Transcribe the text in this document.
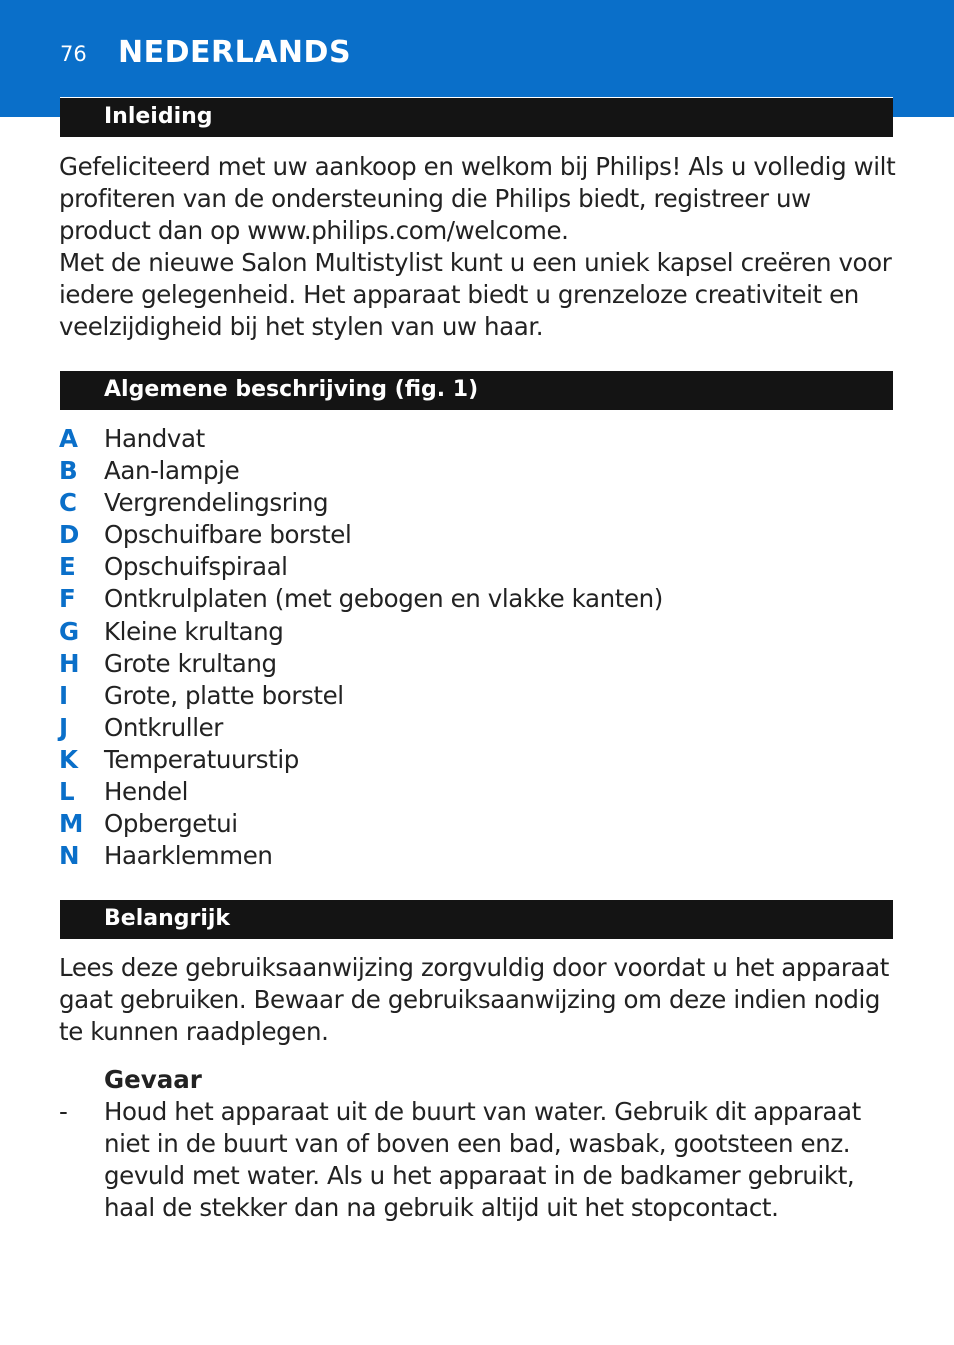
76 NEDERLANDS
Inleiding

Gefeliciteerd met uw aankoop en welkom bij Philips! Als u volledig wilt profiteren van de ondersteuning die Philips biedt, registreer uw product dan op www.philips.com/welcome.

Met de nieuwe Salon Multistylist kunt u een uniek kapsel creëren voor iedere gelegenheid. Het apparaat biedt u grenzeloze creativiteit en veelzijdigheid bij het stylen van uw haar.

Algemene beschrijving (fig. 1)
A Handvat
B Aan-lampje
C Vergrendelingsring
D Opschuifbare borstel
E Opschuifspiraal
F Ontkrulplaten (met gebogen en vlakke kanten)
G Kleine krultang
H Grote krultang
I Grote, platte borstel
J Ontkruller
K Temperatuurstip
L Hendel
M Opbergetui
N Haarklemmen
Belangrijk

Lees deze gebruiksaanwijzing zorgvuldig door voordat u het apparaat gaat gebruiken. Bewaar de gebruiksaanwijzing om deze indien nodig te kunnen raadplegen.

Gevaar
- Houd het apparaat uit de buurt van water. Gebruik dit apparaat niet in de buurt van of boven een bad, wasbak, gootsteen enz. gevuld met water. Als u het apparaat in de badkamer gebruikt, haal de stekker dan na gebruik altijd uit het stopcontact.
